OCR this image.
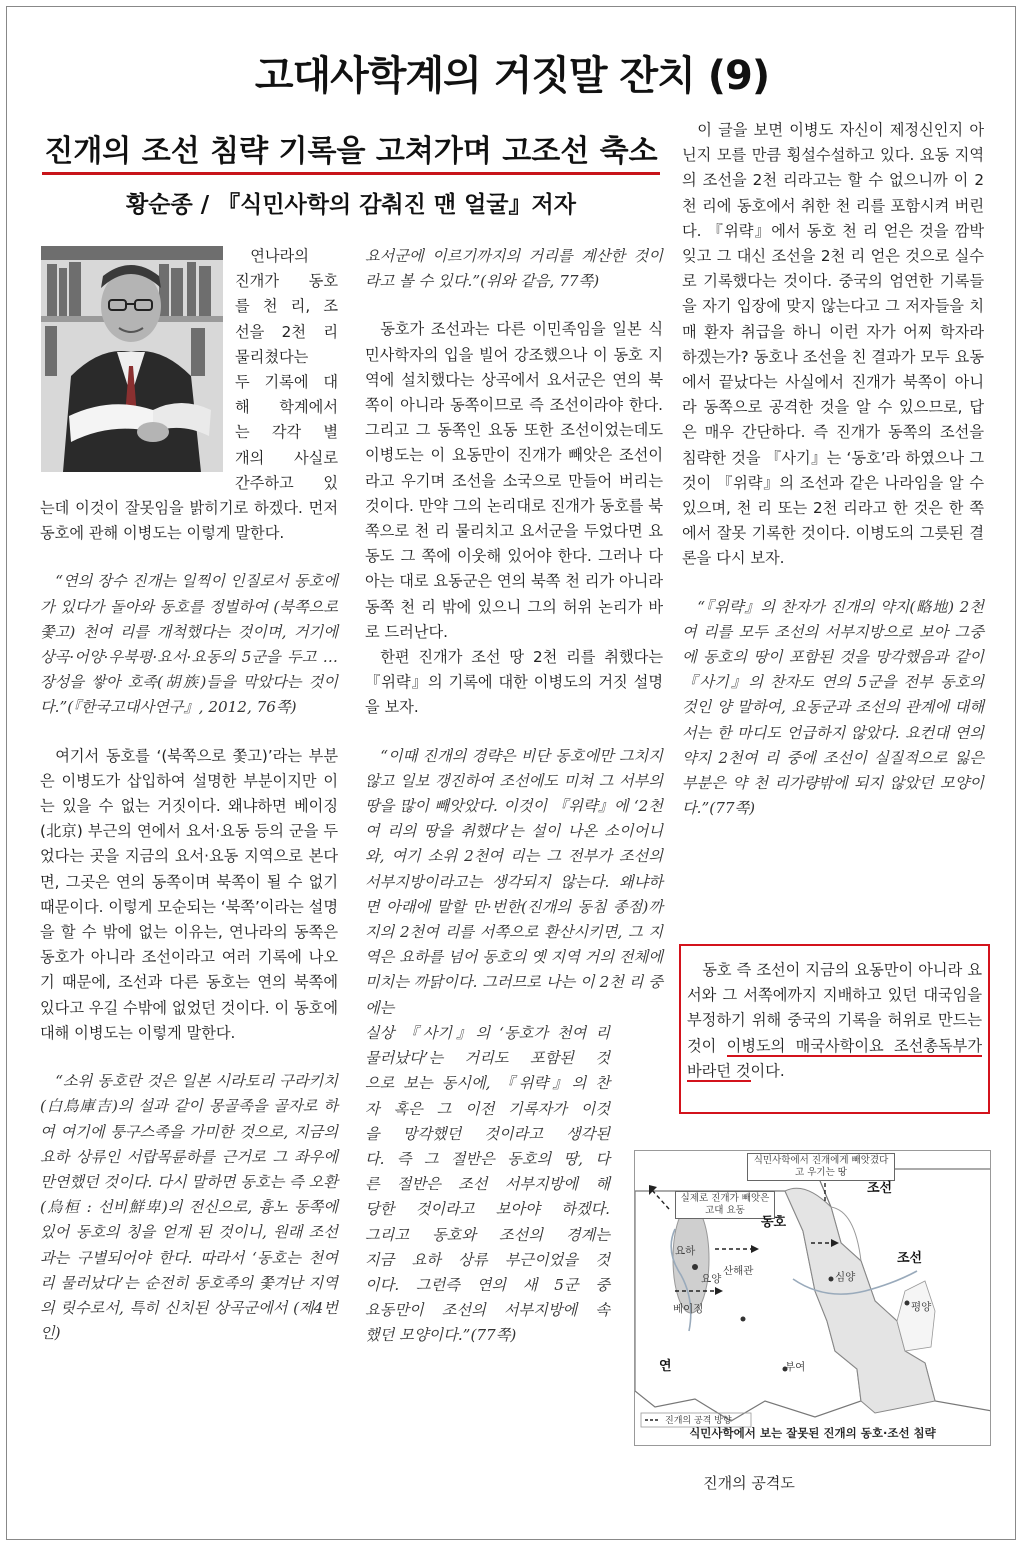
고대사학계의 거짓말 잔치 (9)
진개의 조선 침략 기록을 고쳐가며 고조선 축소
황순종 / 『식민사학의 감춰진 맨 얼굴』저자
연나라의
진개가 동호
를 천 리, 조
선을 2천 리
물리쳤다는
두 기록에 대
해 학계에서
는 각각 별
개의 사실로
간주하고 있

는데 이것이 잘못임을 밝히기로 하겠다. 먼저 동호에 관해 이병도는 이렇게 말한다.

“연의 장수 진개는 일찍이 인질로서 동호에 가 있다가 돌아와 동호를 정벌하여 (북쪽으로 쫓고) 천여 리를 개척했다는 것이며, 거기에 상곡·어양·우북평·요서·요동의 5군을 두고 … 장성을 쌓아 호족(胡族)들을 막았다는 것이다.”(『한국고대사연구』, 2012, 76쪽)

여기서 동호를 ‘(북쪽으로 쫓고)’라는 부분은 이병도가 삽입하여 설명한 부분이지만 이는 있을 수 없는 거짓이다. 왜냐하면 베이징(北京) 부근의 연에서 요서·요동 등의 군을 두었다는 곳을 지금의 요서·요동 지역으로 본다면, 그곳은 연의 동쪽이며 북쪽이 될 수 없기 때문이다. 이렇게 모순되는 ‘북쪽’이라는 설명을 할 수 밖에 없는 이유는, 연나라의 동쪽은 동호가 아니라 조선이라고 여러 기록에 나오기 때문에, 조선과 다른 동호는 연의 북쪽에 있다고 우길 수밖에 없었던 것이다. 이 동호에 대해 이병도는 이렇게 말한다.

“소위 동호란 것은 일본 시라토리 구라키치(白鳥庫吉)의 설과 같이 몽골족을 골자로 하여 여기에 퉁구스족을 가미한 것으로, 지금의 요하 상류인 서랍목륜하를 근거로 그 좌우에 만연했던 것이다. 다시 말하면 동호는 즉 오환(烏桓 : 선비鮮卑)의 전신으로, 흉노 동쪽에 있어 동호의 칭을 얻게 된 것이니, 원래 조선과는 구별되어야 한다. 따라서 ‘동호는 천여 리 물러났다’는 순전히 동호족의 쫓겨난 지역의 릿수로서, 특히 신치된 상곡군에서 (제4번인)

요서군에 이르기까지의 거리를 계산한 것이라고 볼 수 있다.”(위와 같음, 77쪽)

동호가 조선과는 다른 이민족임을 일본 식민사학자의 입을 빌어 강조했으나 이 동호 지역에 설치했다는 상곡에서 요서군은 연의 북쪽이 아니라 동쪽이므로 즉 조선이라야 한다. 그리고 그 동쪽인 요동 또한 조선이었는데도 이병도는 이 요동만이 진개가 빼앗은 조선이라고 우기며 조선을 소국으로 만들어 버리는 것이다. 만약 그의 논리대로 진개가 동호를 북쪽으로 천 리 물리치고 요서군을 두었다면 요동도 그 쪽에 이웃해 있어야 한다. 그러나 다 아는 대로 요동군은 연의 북쪽 천 리가 아니라 동쪽 천 리 밖에 있으니 그의 허위 논리가 바로 드러난다.

한편 진개가 조선 땅 2천 리를 취했다는 『위략』의 기록에 대한 이병도의 거짓 설명을 보자.

“이때 진개의 경략은 비단 동호에만 그치지 않고 일보 갱진하여 조선에도 미쳐 그 서부의 땅을 많이 빼앗았다. 이것이 『위략』에 ‘2천여 리의 땅을 취했다’는 설이 나온 소이어니와, 여기 소위 2천여 리는 그 전부가 조선의 서부지방이라고는 생각되지 않는다. 왜냐하면 아래에 말할 만·번한(진개의 동침 종점)까지의 2천여 리를 서쪽으로 환산시키면, 그 지역은 요하를 넘어 동호의 옛 지역 거의 전체에 미치는 까닭이다. 그러므로 나는 이 2천 리 중에는

실상 『사기』의 ‘동호가 천여 리
물러났다’는 거리도 포함된 것
으로 보는 동시에, 『위략』의 찬
자 혹은 그 이전 기록자가 이것
을 망각했던 것이라고 생각된
다. 즉 그 절반은 동호의 땅, 다
른 절반은 조선 서부지방에 해
당한 것이라고 보아야 하겠다.
그리고 동호와 조선의 경계는
지금 요하 상류 부근이었을 것
이다. 그런즉 연의 새 5군 중
요동만이 조선의 서부지방에 속
했던 모양이다.”(77쪽)

이 글을 보면 이병도 자신이 제정신인지 아닌지 모를 만큼 횡설수설하고 있다. 요동 지역의 조선을 2천 리라고는 할 수 없으니까 이 2천 리에 동호에서 취한 천 리를 포함시켜 버린다. 『위략』에서 동호 천 리 얻은 것을 깜박 잊고 그 대신 조선을 2천 리 얻은 것으로 실수로 기록했다는 것이다. 중국의 엄연한 기록들을 자기 입장에 맞지 않는다고 그 저자들을 치매 환자 취급을 하니 이런 자가 어찌 학자라 하겠는가? 동호나 조선을 친 결과가 모두 요동에서 끝났다는 사실에서 진개가 북쪽이 아니라 동쪽으로 공격한 것을 알 수 있으므로, 답은 매우 간단하다. 즉 진개가 동쪽의 조선을 침략한 것을 『사기』는 ‘동호’라 하였으나 그것이 『위략』의 조선과 같은 나라임을 알 수 있으며, 천 리 또는 2천 리라고 한 것은 한 쪽에서 잘못 기록한 것이다. 이병도의 그릇된 결론을 다시 보자.

“『위략』의 찬자가 진개의 약지(略地) 2천여 리를 모두 조선의 서부지방으로 보아 그중에 동호의 땅이 포함된 것을 망각했음과 같이 『사기』의 찬자도 연의 5군을 전부 동호의 것인 양 말하여, 요동군과 조선의 관계에 대해서는 한 마디도 언급하지 않았다. 요컨대 연의 약지 2천여 리 중에 조선이 실질적으로 잃은 부분은 약 천 리가량밖에 되지 않았던 모양이다.”(77쪽)

동호 즉 조선이 지금의 요동만이 아니라 요서와 그 서쪽에까지 지배하고 있던 대국임을 부정하기 위해 중국의 기록을 허위로 만드는 것이 이병도의 매국사학이요 조선총독부가 바라던 것이다.
식민사학에서 진개에게 빼앗겼다고 우기는 땅
실제로 진개가 빼앗은 고대 요동
동호
조선
조선
연
요하
요양
베이징
산해관
평양
부여
심양
진개의 공격 방향
식민사학에서 보는 잘못된 진개의 동호·조선 침략
진개의 공격도
